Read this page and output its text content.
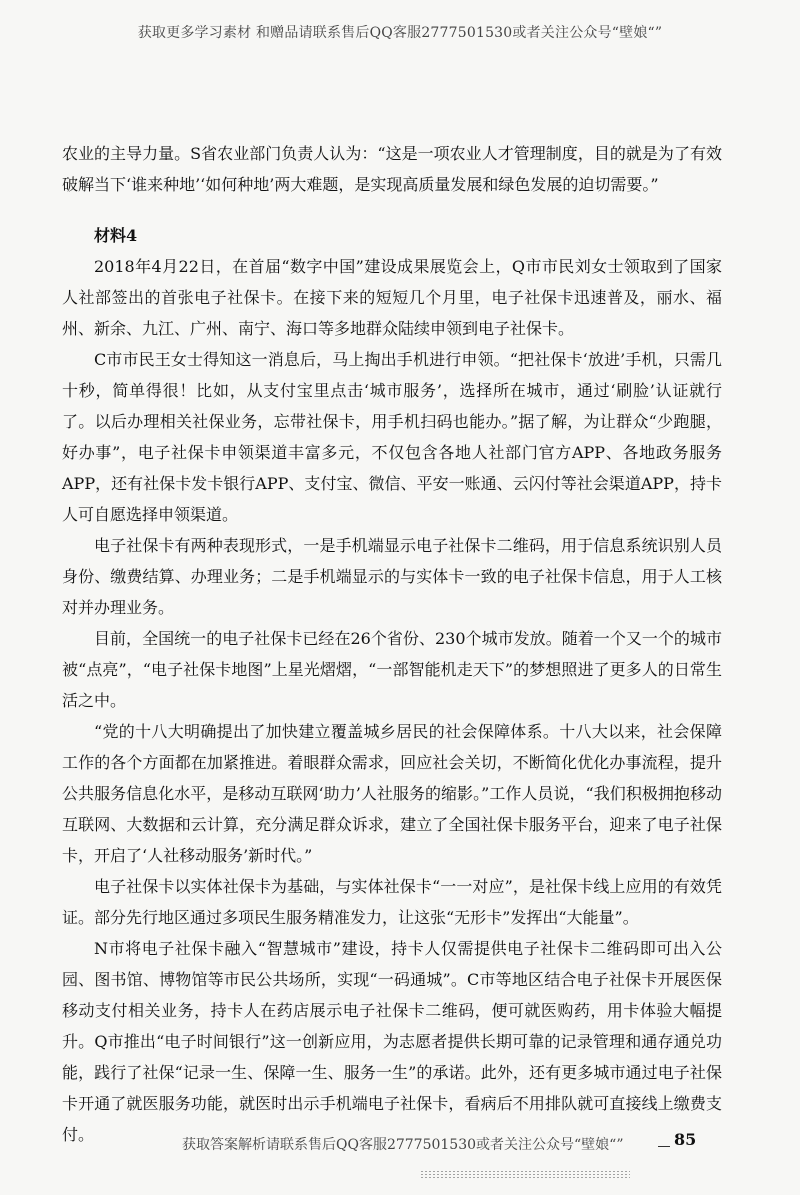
获取更多学习素材 和赠品请联系售后QQ客服2777501530或者关注公众号“壁娘“”

农业的主导力量。S省农业部门负责人认为：“这是一项农业人才管理制度，目的就是为了有效破解当下‘谁来种地’‘如何种地’两大难题，是实现高质量发展和绿色发展的迫切需要。”

材料4

2018年4月22日，在首届“数字中国”建设成果展览会上，Q市市民刘女士领取到了国家人社部签出的首张电子社保卡。在接下来的短短几个月里，电子社保卡迅速普及，丽水、福州、新余、九江、广州、南宁、海口等多地群众陆续申领到电子社保卡。

C市市民王女士得知这一消息后，马上掏出手机进行申领。“把社保卡‘放进’手机，只需几十秒，简单得很！比如，从支付宝里点击‘城市服务’，选择所在城市，通过‘刷脸’认证就行了。以后办理相关社保业务，忘带社保卡，用手机扫码也能办。”据了解，为让群众“少跑腿，好办事”，电子社保卡申领渠道丰富多元，不仅包含各地人社部门官方APP、各地政务服务APP，还有社保卡发卡银行APP、支付宝、微信、平安一账通、云闪付等社会渠道APP，持卡人可自愿选择申领渠道。

电子社保卡有两种表现形式，一是手机端显示电子社保卡二维码，用于信息系统识别人员身份、缴费结算、办理业务；二是手机端显示的与实体卡一致的电子社保卡信息，用于人工核对并办理业务。

目前，全国统一的电子社保卡已经在26个省份、230个城市发放。随着一个又一个的城市被“点亮”，“电子社保卡地图”上星光熠熠，“一部智能机走天下”的梦想照进了更多人的日常生活之中。

“党的十八大明确提出了加快建立覆盖城乡居民的社会保障体系。十八大以来，社会保障工作的各个方面都在加紧推进。着眼群众需求，回应社会关切，不断简化优化办事流程，提升公共服务信息化水平，是移动互联网‘助力’人社服务的缩影。”工作人员说，“我们积极拥抱移动互联网、大数据和云计算，充分满足群众诉求，建立了全国社保卡服务平台，迎来了电子社保卡，开启了‘人社移动服务’新时代。”

电子社保卡以实体社保卡为基础，与实体社保卡“一一对应”，是社保卡线上应用的有效凭证。部分先行地区通过多项民生服务精准发力，让这张“无形卡”发挥出“大能量”。

N市将电子社保卡融入“智慧城市”建设，持卡人仅需提供电子社保卡二维码即可出入公园、图书馆、博物馆等市民公共场所，实现“一码通城”。C市等地区结合电子社保卡开展医保移动支付相关业务，持卡人在药店展示电子社保卡二维码，便可就医购药，用卡体验大幅提升。Q市推出“电子时间银行”这一创新应用，为志愿者提供长期可靠的记录管理和通存通兑功能，践行了社保“记录一生、保障一生、服务一生”的承诺。此外，还有更多城市通过电子社保卡开通了就医服务功能，就医时出示手机端电子社保卡，看病后不用排队就可直接线上缴费支付。

获取答案解析请联系售后QQ客服2777501530或者关注公众号“壁娘“”	85
